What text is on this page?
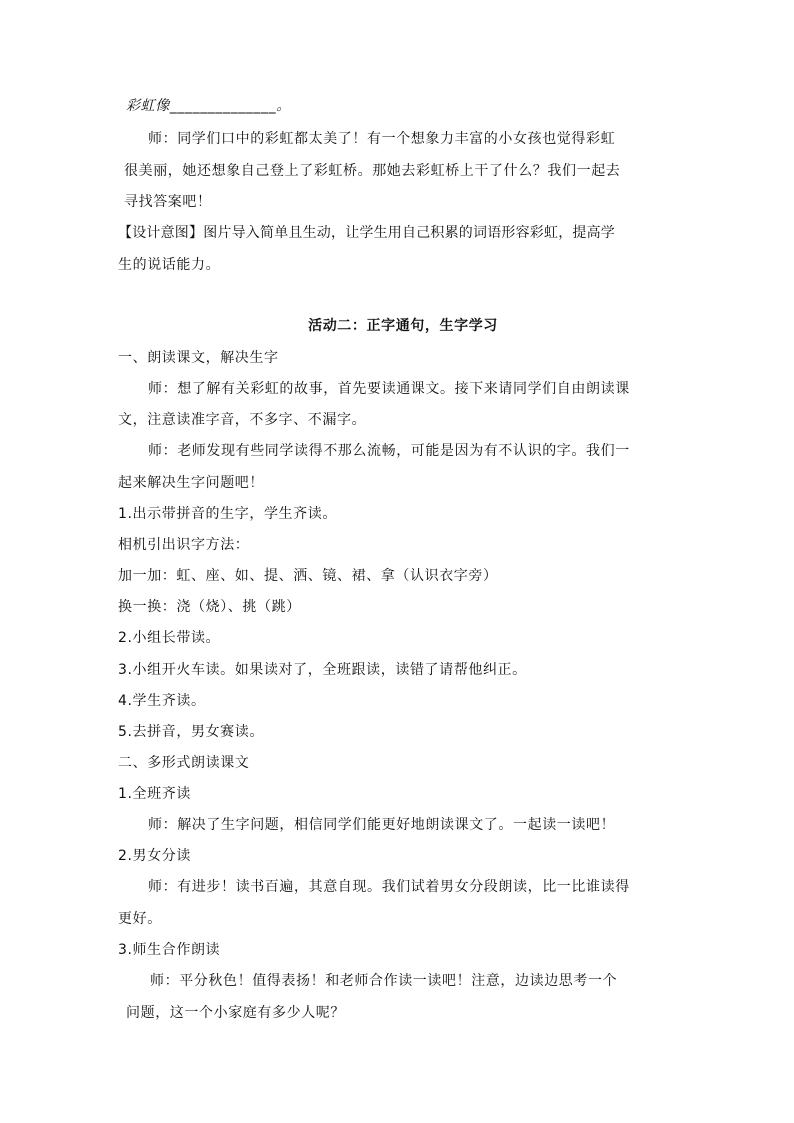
彩虹像______________。
师：同学们口中的彩虹都太美了！有一个想象力丰富的小女孩也觉得彩虹
很美丽，她还想象自己登上了彩虹桥。那她去彩虹桥上干了什么？我们一起去
寻找答案吧！
【设计意图】图片导入简单且生动，让学生用自己积累的词语形容彩虹，提高学
生的说话能力。
活动二：正字通句，生字学习
一、朗读课文，解决生字
师：想了解有关彩虹的故事，首先要读通课文。接下来请同学们自由朗读课
文，注意读准字音，不多字、不漏字。
师：老师发现有些同学读得不那么流畅，可能是因为有不认识的字。我们一
起来解决生字问题吧！
1.出示带拼音的生字，学生齐读。
相机引出识字方法：
加一加：虹、座、如、提、洒、镜、裙、拿（认识衣字旁）
换一换：浇（烧）、挑（跳）
2.小组长带读。
3.小组开火车读。如果读对了，全班跟读，读错了请帮他纠正。
4.学生齐读。
5.去拼音，男女赛读。
二、多形式朗读课文
1.全班齐读
师：解决了生字问题，相信同学们能更好地朗读课文了。一起读一读吧！
2.男女分读
师：有进步！读书百遍，其意自现。我们试着男女分段朗读，比一比谁读得
更好。
3.师生合作朗读
师：平分秋色！值得表扬！和老师合作读一读吧！注意，边读边思考一个
问题，这一个小家庭有多少人呢？
